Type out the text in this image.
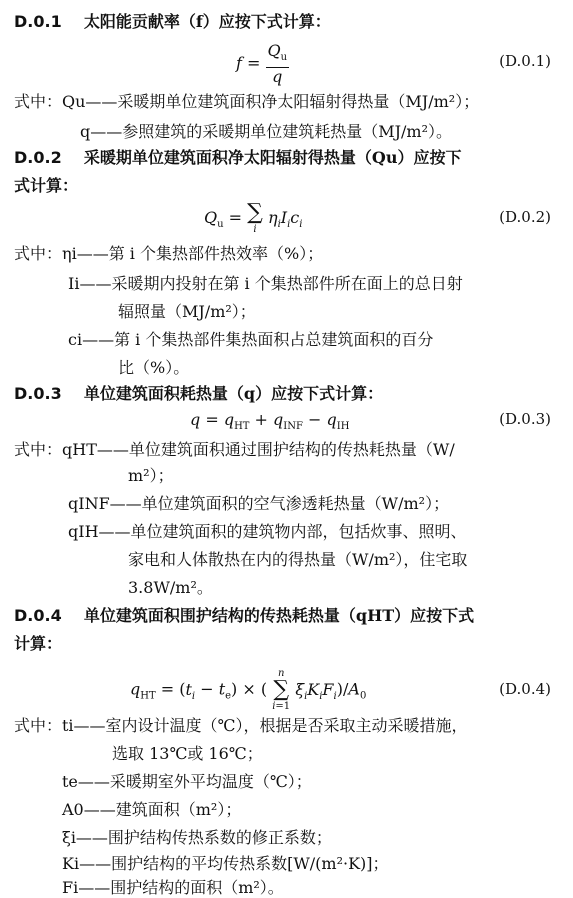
D.0.1 太阳能贡献率（f）应按下式计算：
$f = \frac{Q_u}{q}$	(D.0.1)
式中：Qu——采暖期单位建筑面积净太阳辐射得热量（MJ/m²）；
q——参照建筑的采暖期单位建筑耗热量（MJ/m²）。
D.0.2 采暖期单位建筑面积净太阳辐射得热量（Qu）应按下
式计算：
$Q_u$ = ∑
i
$\eta_iI_ic_i$	(D.0.2)
式中：ηi——第 i 个集热部件热效率（%）；
Ii——采暖期内投射在第 i 个集热部件所在面上的总日射
辐照量（MJ/m²）；
ci——第 i 个集热部件集热面积占总建筑面积的百分
比（%）。
D.0.3 单位建筑面积耗热量（q）应按下式计算：
$q = q_{HT} + q_{INF} - q_{IH}$	(D.0.3)
式中：qHT——单位建筑面积通过围护结构的传热耗热量（W/
m²）；
qINF——单位建筑面积的空气渗透耗热量（W/m²）；
qIH——单位建筑面积的建筑物内部，包括炊事、照明、
家电和人体散热在内的得热量（W/m²），住宅取
3.8W/m²。
D.0.4 单位建筑面积围护结构的传热耗热量（qHT）应按下式
计算：
$q_{HT} = (t_i - t_e)$ × (
n
∑
i=1
$\xi_iK_iF_i)/A_0$	(D.0.4)
式中：ti——室内设计温度（℃），根据是否采取主动采暖措施，
选取 13℃或 16℃；
te——采暖期室外平均温度（℃）；
A0——建筑面积（m²）；
ξi——围护结构传热系数的修正系数；
Ki——围护结构的平均传热系数[W/(m²·K)]；
Fi——围护结构的面积（m²）。
